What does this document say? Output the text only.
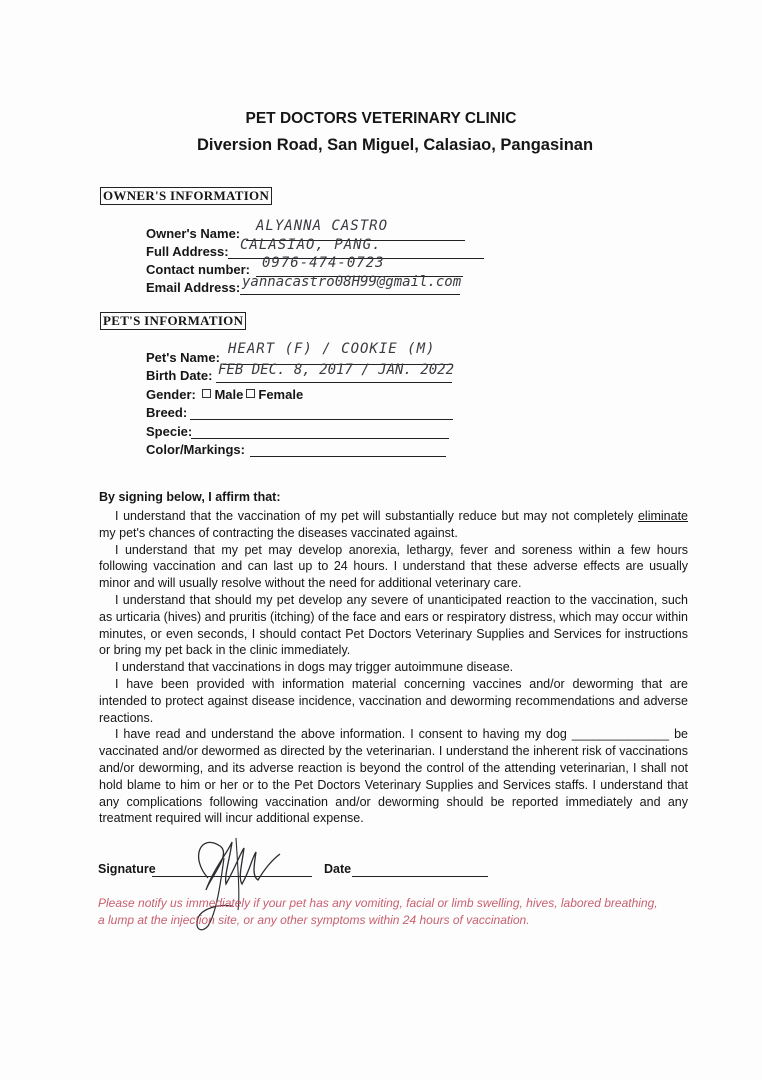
PET DOCTORS VETERINARY CLINIC
Diversion Road, San Miguel, Calasiao, Pangasinan
OWNER'S INFORMATION
Owner's Name: ALYANNA CASTRO
Full Address: CALASIAO, PANG.
Contact number: 0976-474-0723
Email Address: yannacastro08H99@gmail.com
PET'S INFORMATION
Pet's Name:
HEART (F) / COOKIE (M)
Birth Date: FEB DEC. 8, 2017 / JAN. 2022
Gender: Male Female
Breed:
Specie:
Color/Markings:
By signing below, I affirm that:

I understand that the vaccination of my pet will substantially reduce but may not completely eliminate my pet's chances of contracting the diseases vaccinated against.

I understand that my pet may develop anorexia, lethargy, fever and soreness within a few hours following vaccination and can last up to 24 hours. I understand that these adverse effects are usually minor and will usually resolve without the need for additional veterinary care.

I understand that should my pet develop any severe of unanticipated reaction to the vaccination, such as urticaria (hives) and pruritis (itching) of the face and ears or respiratory distress, which may occur within minutes, or even seconds, I should contact Pet Doctors Veterinary Supplies and Services for instructions or bring my pet back in the clinic immediately.

I understand that vaccinations in dogs may trigger autoimmune disease.

I have been provided with information material concerning vaccines and/or deworming that are intended to protect against disease incidence, vaccination and deworming recommendations and adverse reactions.

I have read and understand the above information. I consent to having my dog ______________ be vaccinated and/or dewormed as directed by the veterinarian. I understand the inherent risk of vaccinations and/or deworming, and its adverse reaction is beyond the control of the attending veterinarian, I shall not hold blame to him or her or to the Pet Doctors Veterinary Supplies and Services staffs. I understand that any complications following vaccination and/or deworming should be reported immediately and any treatment required will incur additional expense.

Signature	Date
Please notify us immediately if your pet has any vomiting, facial or limb swelling, hives, labored breathing, a lump at the injection site, or any other symptoms within 24 hours of vaccination.
